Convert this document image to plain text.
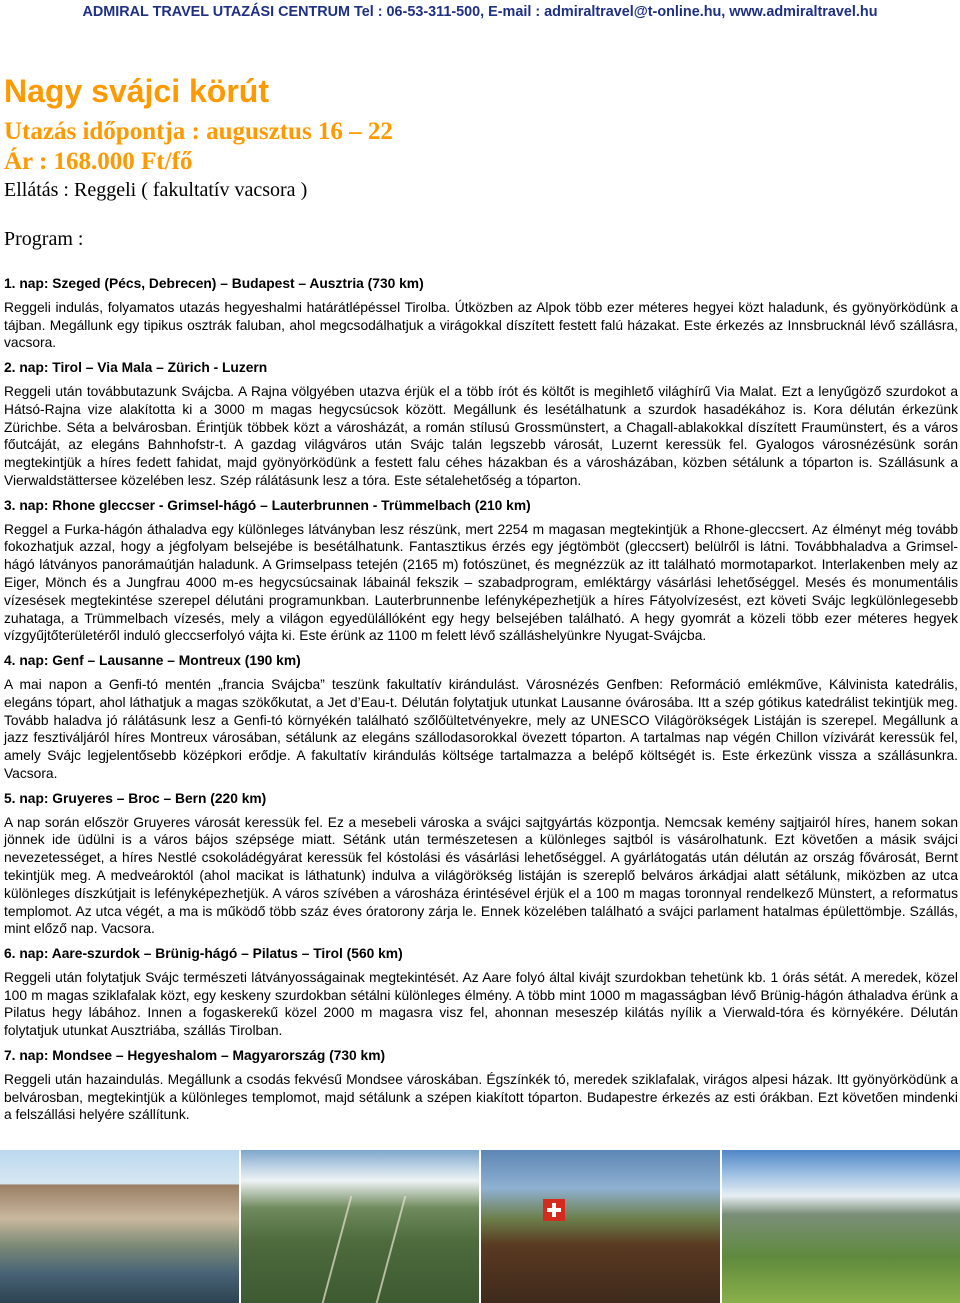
ADMIRAL TRAVEL UTAZÁSI CENTRUM Tel : 06-53-311-500, E-mail : admiraltravel@t-online.hu, www.admiraltravel.hu
Nagy svájci körút
Utazás időpontja : augusztus 16 – 22
Ár : 168.000 Ft/fő
Ellátás : Reggeli ( fakultatív vacsora )
Program :
1. nap: Szeged (Pécs, Debrecen) – Budapest – Ausztria (730 km)

Reggeli indulás, folyamatos utazás hegyeshalmi határátlépéssel Tirolba. Útközben az Alpok több ezer méteres hegyei közt haladunk, és gyönyörködünk a tájban. Megállunk egy tipikus osztrák faluban, ahol megcsodálhatjuk a virágokkal díszített festett falú házakat. Este érkezés az Innsbrucknál lévő szállásra, vacsora.

2. nap: Tirol – Via Mala – Zürich - Luzern

Reggeli után továbbutazunk Svájcba. A Rajna völgyében utazva érjük el a több írót és költőt is megihlető világhírű Via Malat. Ezt a lenyűgöző szurdokot a Hátsó-Rajna vize alakította ki a 3000 m magas hegycsúcsok között. Megállunk és lesétálhatunk a szurdok hasadékához is. Kora délután érkezünk Zürichbe. Séta a belvárosban. Érintjük többek közt a városházát, a román stílusú Grossmünstert, a Chagall-ablakokkal díszített Fraumünstert, és a város főutcáját, az elegáns Bahnhofstr-t. A gazdag világváros után Svájc talán legszebb városát, Luzernt keressük fel. Gyalogos városnézésünk során megtekintjük a híres fedett fahidat, majd gyönyörködünk a festett falu céhes házakban és a városházában, közben sétálunk a tóparton is. Szállásunk a Vierwaldstättersee közelében lesz. Szép rálátásunk lesz a tóra. Este sétalehetőség a tóparton.

3. nap: Rhone gleccser - Grimsel-hágó – Lauterbrunnen - Trümmelbach (210 km)

Reggel a Furka-hágón áthaladva egy különleges látványban lesz részünk, mert 2254 m magasan megtekintjük a Rhone-gleccsert. Az élményt még tovább fokozhatjuk azzal, hogy a jégfolyam belsejébe is besétálhatunk. Fantasztikus érzés egy jégtömböt (gleccsert) belülről is látni. Továbbhaladva a Grimsel-hágó látványos panorámaútján haladunk. A Grimselpass tetején (2165 m) fotószünet, és megnézzük az itt található mormotaparkot. Interlakenben mely az Eiger, Mönch és a Jungfrau 4000 m-es hegycsúcsainak lábainál fekszik – szabadprogram, emléktárgy vásárlási lehetőséggel. Mesés és monumentális vízesések megtekintése szerepel délutáni programunkban. Lauterbrunnenbe lefényképezhetjük a híres Fátyolvízesést, ezt követi Svájc legkülönlegesebb zuhataga, a Trümmelbach vízesés, mely a világon egyedülállóként egy hegy belsejében található. A hegy gyomrát a közeli több ezer méteres hegyek vízgyűjtőterületéről induló gleccserfolyó vájta ki. Este érünk az 1100 m felett lévő szálláshelyünkre Nyugat-Svájcba.

4. nap: Genf – Lausanne – Montreux (190 km)

A mai napon a Genfi-tó mentén „francia Svájcba” teszünk fakultatív kirándulást. Városnézés Genfben: Reformáció emlékműve, Kálvinista katedrális, elegáns tópart, ahol láthatjuk a magas szökőkutat, a Jet d’Eau-t. Délután folytatjuk utunkat Lausanne óvárosába. Itt a szép gótikus katedrálist tekintjük meg. Tovább haladva jó rálátásunk lesz a Genfi-tó környékén található szőlőültetvényekre, mely az UNESCO Világörökségek Listáján is szerepel. Megállunk a jazz fesztiváljáról híres Montreux városában, sétálunk az elegáns szállodasorokkal övezett tóparton. A tartalmas nap végén Chillon vízivárát keressük fel, amely Svájc legjelentősebb középkori erődje. A fakultatív kirándulás költsége tartalmazza a belépő költségét is. Este érkezünk vissza a szállásunkra. Vacsora.

5. nap: Gruyeres – Broc – Bern (220 km)

A nap során először Gruyeres városát keressük fel. Ez a mesebeli városka a svájci sajtgyártás központja. Nemcsak kemény sajtjairól híres, hanem sokan jönnek ide üdülni is a város bájos szépsége miatt. Sétánk után természetesen a különleges sajtból is vásárolhatunk. Ezt követően a másik svájci nevezetességet, a híres Nestlé csokoládégyárat keressük fel kóstolási és vásárlási lehetőséggel. A gyárlátogatás után délután az ország fővárosát, Bernt tekintjük meg. A medveároktól (ahol macikat is láthatunk) indulva a világörökség listáján is szereplő belváros árkádjai alatt sétálunk, miközben az utca különleges díszkútjait is lefényképezhetjük. A város szívében a városháza érintésével érjük el a 100 m magas toronnyal rendelkező Münstert, a reformatus templomot. Az utca végét, a ma is működő több száz éves óratorony zárja le. Ennek közelében található a svájci parlament hatalmas épülettömbje. Szállás, mint előző nap. Vacsora.

6. nap: Aare-szurdok – Brünig-hágó – Pilatus – Tirol (560 km)

Reggeli után folytatjuk Svájc természeti látványosságainak megtekintését. Az Aare folyó által kivájt szurdokban tehetünk kb. 1 órás sétát. A meredek, közel 100 m magas sziklafalak közt, egy keskeny szurdokban sétálni különleges élmény. A több mint 1000 m magasságban lévő Brünig-hágón áthaladva érünk a Pilatus hegy lábához. Innen a fogaskerekű közel 2000 m magasra visz fel, ahonnan meseszép kilátás nyílik a Vierwald-tóra és környékére. Délután folytatjuk utunkat Ausztriába, szállás Tirolban.

7. nap: Mondsee – Hegyeshalom – Magyarország (730 km)

Reggeli után hazaindulás. Megállunk a csodás fekvésű Mondsee városkában. Égszínkék tó, meredek sziklafalak, virágos alpesi házak. Itt gyönyörködünk a belvárosban, megtekintjük a különleges templomot, majd sétálunk a szépen kiakított tóparton. Budapestre érkezés az esti órákban. Ezt követően mindenki a felszállási helyére szállítunk.
